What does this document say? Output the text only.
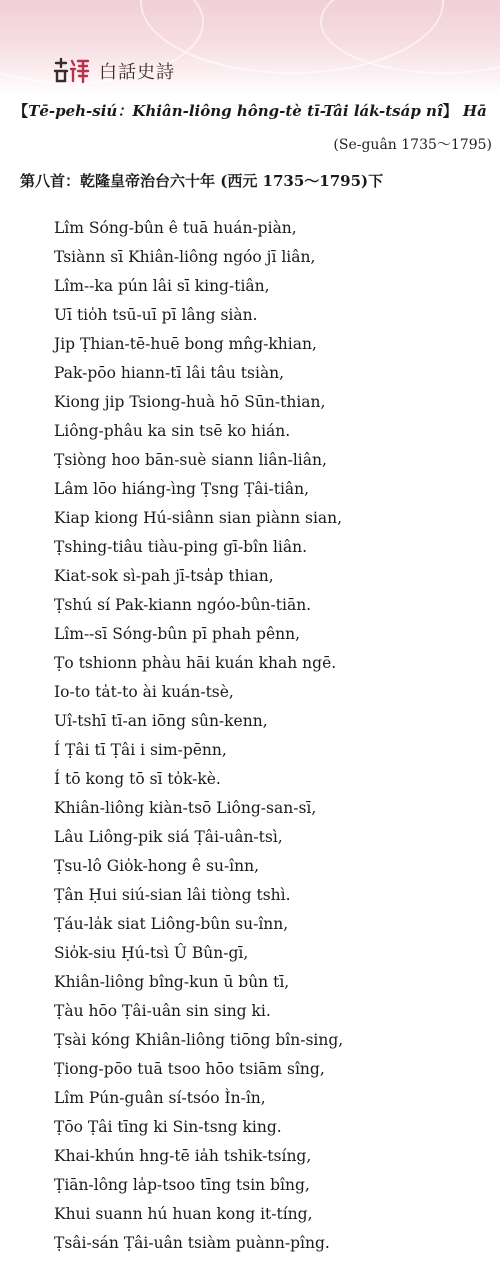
白話史詩
【Tē-peh-siú：Khiân-liông hông-tè tī-Tâi lák-tsáp nî】 Hā
(Se-guân 1735～1795)
第八首：乾隆皇帝治台六十年 (西元 1735～1795)下
Lîm Sóng-bûn ê tuā huán-piàn,
Tsiànn sī Khiân-liông ngóo jī liân,
Lîm--ka pún lâi sī king-tiân,
Uī tio̍h tsū-uī pī lâng siàn.
Jip Ṭhian-tē-huē bong mn̂g-khian,
Pak-pōo hiann-tī lâi tâu tsiàn,
Kiong jip Tsiong-huà hō Sūn-thian,
Liông-phâu ka sin tsē ko hián.
Ṭsiòng hoo bān-suè siann liân-liân,
Lâm lōo hiáng-ìng Ṭsng Ṭâi-tiân,
Kiap kiong Hú-siânn sian piànn sian,
Ṭshing-tiâu tiàu-ping gī-bîn liân.
Kiat-sok sì-pah jī-tsa̍p thian,
Ṭshú sí Pak-kiann ngóo-bûn-tiān.
Lîm--sī Sóng-bûn pī phah pênn,
Ṭo tshionn phàu hāi kuán khah ngē.
Io-to ta̍t-to ài kuán-tsè,
Uî-tshī tī-an iōng sûn-kenn,
Í Ṭâi tī Ṭâi i sim-pēnn,
Í tō kong tō sī to̍k-kè.
Khiân-liông kiàn-tsō Liông-san-sī,
Lâu Liông-pik siá Ṭâi-uân-tsì,
Ṭsu-lô Gio̍k-hong ê su-înn,
Ṭân Ḥui siú-sian lâi tiòng tshì.
Ṭáu-la̍k siat Liông-bûn su-înn,
Sio̍k-siu Ḥú-tsì Û Bûn-gī,
Khiân-liông bîng-kun ū bûn tī,
Ṭàu hōo Ṭâi-uân sin sing ki.
Ṭsài kóng Khiân-liông tiōng bîn-sing,
Ṭiong-pōo tuā tsoo hōo tsiām sîng,
Lîm Pún-guân sí-tsóo Ìn-în,
Ṭōo Ṭâi tīng ki Sin-tsng king.
Khai-khún hng-tē ia̍h tshik-tsíng,
Ṭiān-lông la̍p-tsoo tīng tsin bîng,
Khui suann hú huan kong it-tíng,
Ṭsâi-sán Ṭâi-uân tsiàm puànn-pîng.
